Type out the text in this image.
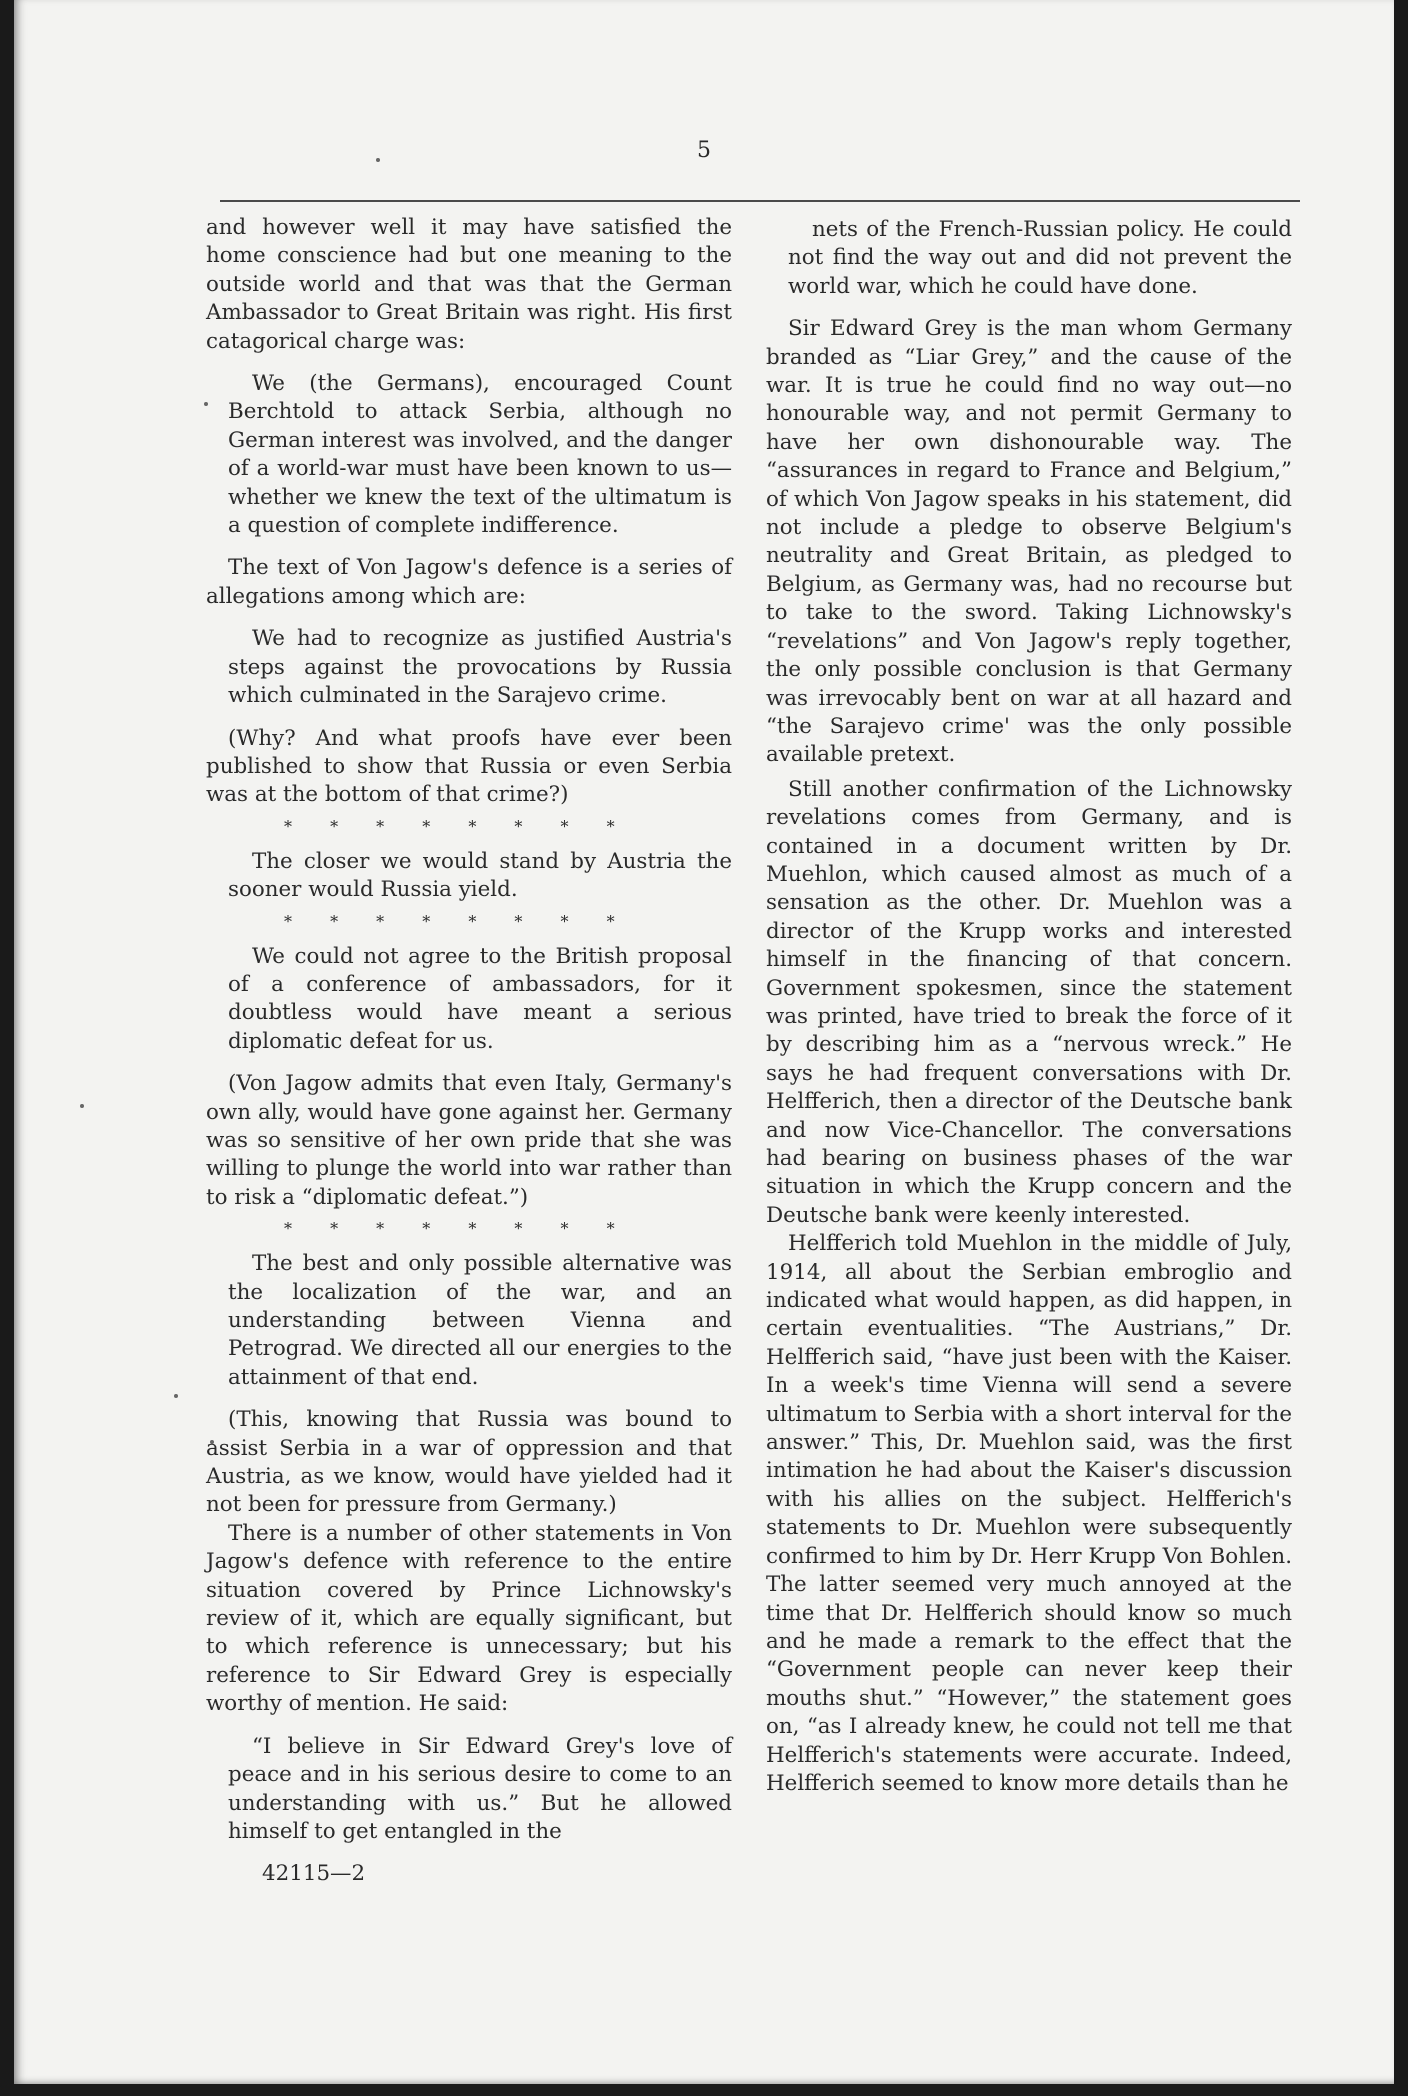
5

and however well it may have satisfied the home conscience had but one meaning to the outside world and that was that the German Ambassador to Great Britain was right. His first catagorical charge was:

We (the Germans), encouraged Count Berchtold to attack Serbia, although no German interest was involved, and the danger of a world-war must have been known to us—whether we knew the text of the ultimatum is a question of complete indifference.

The text of Von Jagow's defence is a series of allegations among which are:

We had to recognize as justified Austria's steps against the provocations by Russia which culminated in the Sarajevo crime.

(Why? And what proofs have ever been published to show that Russia or even Serbia was at the bottom of that crime?)

* * * * * * * *

The closer we would stand by Austria the sooner would Russia yield.

* * * * * * * *

We could not agree to the British proposal of a conference of ambassadors, for it doubtless would have meant a serious diplomatic defeat for us.

(Von Jagow admits that even Italy, Germany's own ally, would have gone against her. Germany was so sensitive of her own pride that she was willing to plunge the world into war rather than to risk a “diplomatic defeat.”)

* * * * * * * *

The best and only possible alternative was the localization of the war, and an understanding between Vienna and Petrograd. We directed all our energies to the attainment of that end.

(This, knowing that Russia was bound to assist Serbia in a war of oppression and that Austria, as we know, would have yielded had it not been for pressure from Germany.)

There is a number of other statements in Von Jagow's defence with reference to the entire situation covered by Prince Lichnowsky's review of it, which are equally significant, but to which reference is unnecessary; but his reference to Sir Edward Grey is especially worthy of mention. He said:

“I believe in Sir Edward Grey's love of peace and in his serious desire to come to an understanding with us.” But he allowed himself to get entangled in the

42115—2

nets of the French-Russian policy. He could not find the way out and did not prevent the world war, which he could have done.

Sir Edward Grey is the man whom Germany branded as “Liar Grey,” and the cause of the war. It is true he could find no way out—no honourable way, and not permit Germany to have her own dishonourable way. The “assurances in regard to France and Belgium,” of which Von Jagow speaks in his statement, did not include a pledge to observe Belgium's neutrality and Great Britain, as pledged to Belgium, as Germany was, had no recourse but to take to the sword. Taking Lichnowsky's “revelations” and Von Jagow's reply together, the only possible conclusion is that Germany was irrevocably bent on war at all hazard and “the Sarajevo crime' was the only possible available pretext.

Still another confirmation of the Lichnowsky revelations comes from Germany, and is contained in a document written by Dr. Muehlon, which caused almost as much of a sensation as the other. Dr. Muehlon was a director of the Krupp works and interested himself in the financing of that concern. Government spokesmen, since the statement was printed, have tried to break the force of it by describing him as a “nervous wreck.” He says he had frequent conversations with Dr. Helfferich, then a director of the Deutsche bank and now Vice-Chancellor. The conversations had bearing on business phases of the war situation in which the Krupp concern and the Deutsche bank were keenly interested.

Helfferich told Muehlon in the middle of July, 1914, all about the Serbian embroglio and indicated what would happen, as did happen, in certain eventualities. “The Austrians,” Dr. Helfferich said, “have just been with the Kaiser. In a week's time Vienna will send a severe ultimatum to Serbia with a short interval for the answer.” This, Dr. Muehlon said, was the first intimation he had about the Kaiser's discussion with his allies on the subject. Helfferich's statements to Dr. Muehlon were subsequently confirmed to him by Dr. Herr Krupp Von Bohlen. The latter seemed very much annoyed at the time that Dr. Helfferich should know so much and he made a remark to the effect that the “Government people can never keep their mouths shut.” “However,” the statement goes on, “as I already knew, he could not tell me that Helfferich's statements were accurate. Indeed, Helfferich seemed to know more details than he
